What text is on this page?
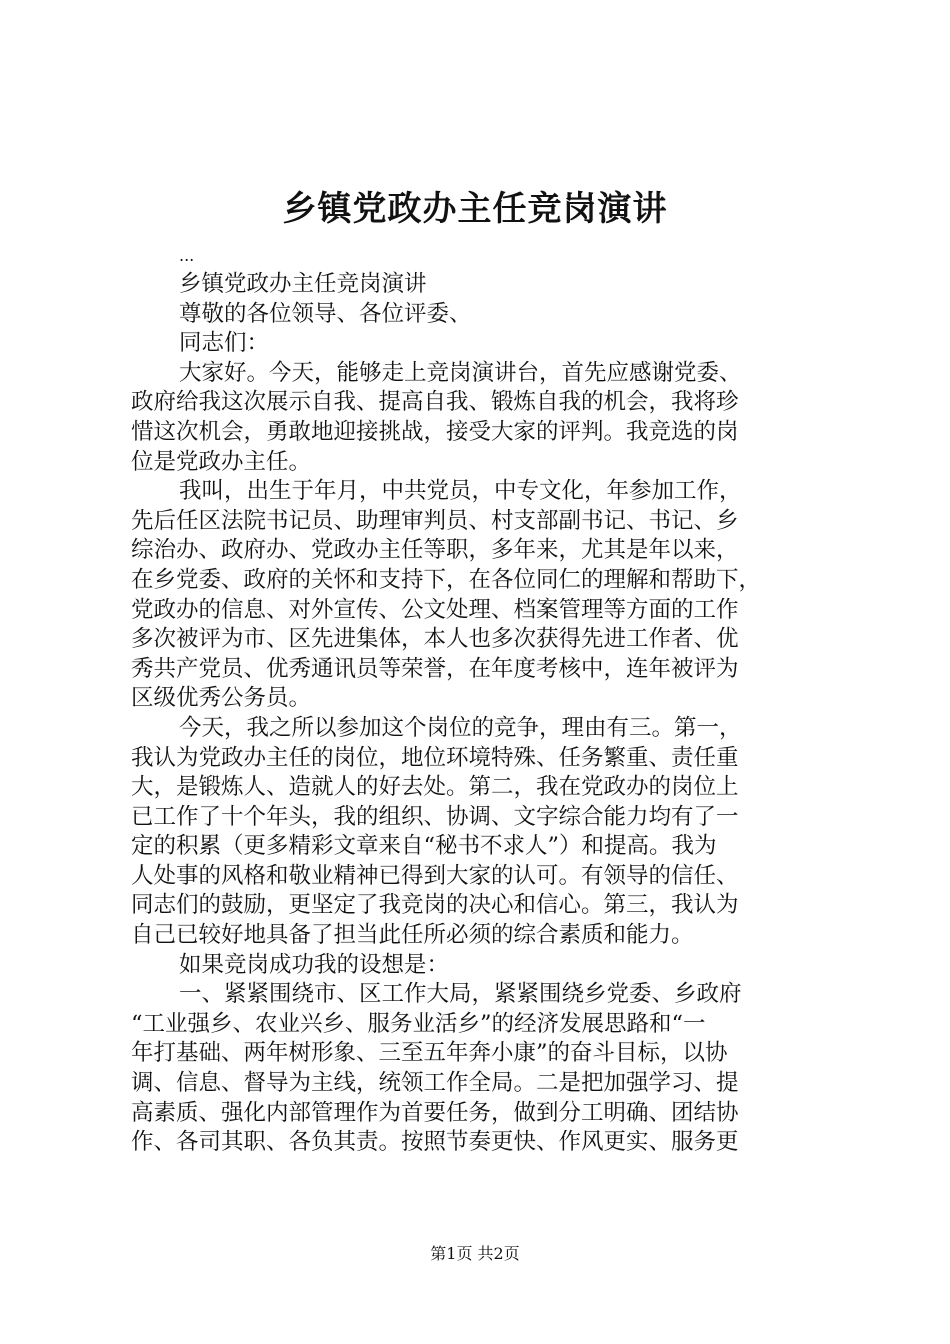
乡镇党政办主任竞岗演讲
...
乡镇党政办主任竞岗演讲
尊敬的各位领导、各位评委、
同志们：
大家好。今天，能够走上竞岗演讲台，首先应感谢党委、
政府给我这次展示自我、提高自我、锻炼自我的机会，我将珍
惜这次机会，勇敢地迎接挑战，接受大家的评判。我竞选的岗
位是党政办主任。
我叫，出生于年月，中共党员，中专文化，年参加工作，
先后任区法院书记员、助理审判员、村支部副书记、书记、乡
综治办、政府办、党政办主任等职，多年来，尤其是年以来，
在乡党委、政府的关怀和支持下，在各位同仁的理解和帮助下，
党政办的信息、对外宣传、公文处理、档案管理等方面的工作
多次被评为市、区先进集体，本人也多次获得先进工作者、优
秀共产党员、优秀通讯员等荣誉，在年度考核中，连年被评为
区级优秀公务员。
今天，我之所以参加这个岗位的竞争，理由有三。第一，
我认为党政办主任的岗位，地位环境特殊、任务繁重、责任重
大，是锻炼人、造就人的好去处。第二，我在党政办的岗位上
已工作了十个年头，我的组织、协调、文字综合能力均有了一
定的积累（更多精彩文章来自“秘书不求人”）和提高。我为
人处事的风格和敬业精神已得到大家的认可。有领导的信任、
同志们的鼓励，更坚定了我竞岗的决心和信心。第三，我认为
自己已较好地具备了担当此任所必须的综合素质和能力。
如果竞岗成功我的设想是：
一、紧紧围绕市、区工作大局，紧紧围绕乡党委、乡政府
“工业强乡、农业兴乡、服务业活乡”的经济发展思路和“一
年打基础、两年树形象、三至五年奔小康”的奋斗目标，以协
调、信息、督导为主线，统领工作全局。二是把加强学习、提
高素质、强化内部管理作为首要任务，做到分工明确、团结协
作、各司其职、各负其责。按照节奏更快、作风更实、服务更
第1页 共2页
